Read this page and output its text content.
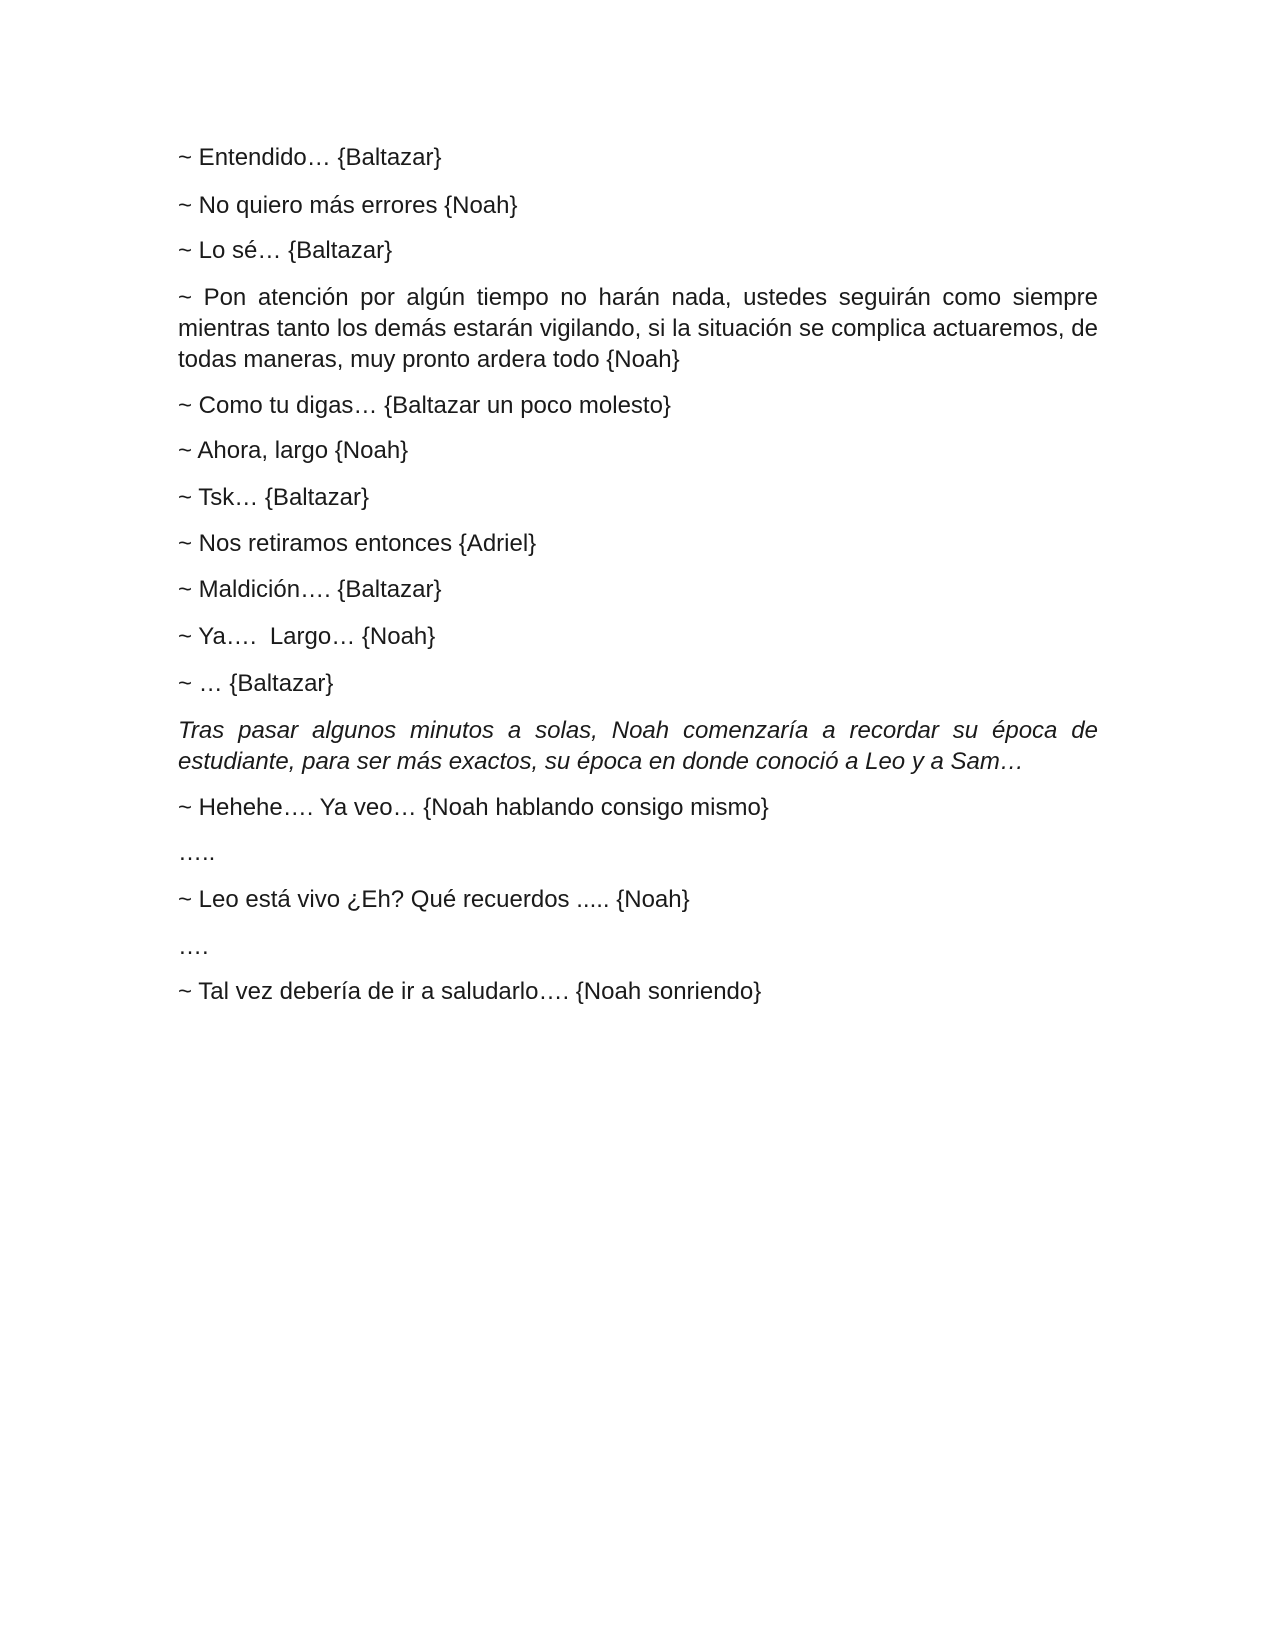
~ Entendido… {Baltazar}

~ No quiero más errores {Noah}

~ Lo sé… {Baltazar}

~ Pon atención por algún tiempo no harán nada, ustedes seguirán como siempre mientras tanto los demás estarán vigilando, si la situación se complica actuaremos, de todas maneras, muy pronto ardera todo {Noah}

~ Como tu digas… {Baltazar un poco molesto}

~ Ahora, largo {Noah}

~ Tsk… {Baltazar}

~ Nos retiramos entonces {Adriel}

~ Maldición…. {Baltazar}

~ Ya….  Largo… {Noah}

~ … {Baltazar}

Tras pasar algunos minutos a solas, Noah comenzaría a recordar su época de estudiante, para ser más exactos, su época en donde conoció a Leo y a Sam…

~ Hehehe…. Ya veo… {Noah hablando consigo mismo}

…..

~ Leo está vivo ¿Eh? Qué recuerdos ..... {Noah}

….

~ Tal vez debería de ir a saludarlo…. {Noah sonriendo}
